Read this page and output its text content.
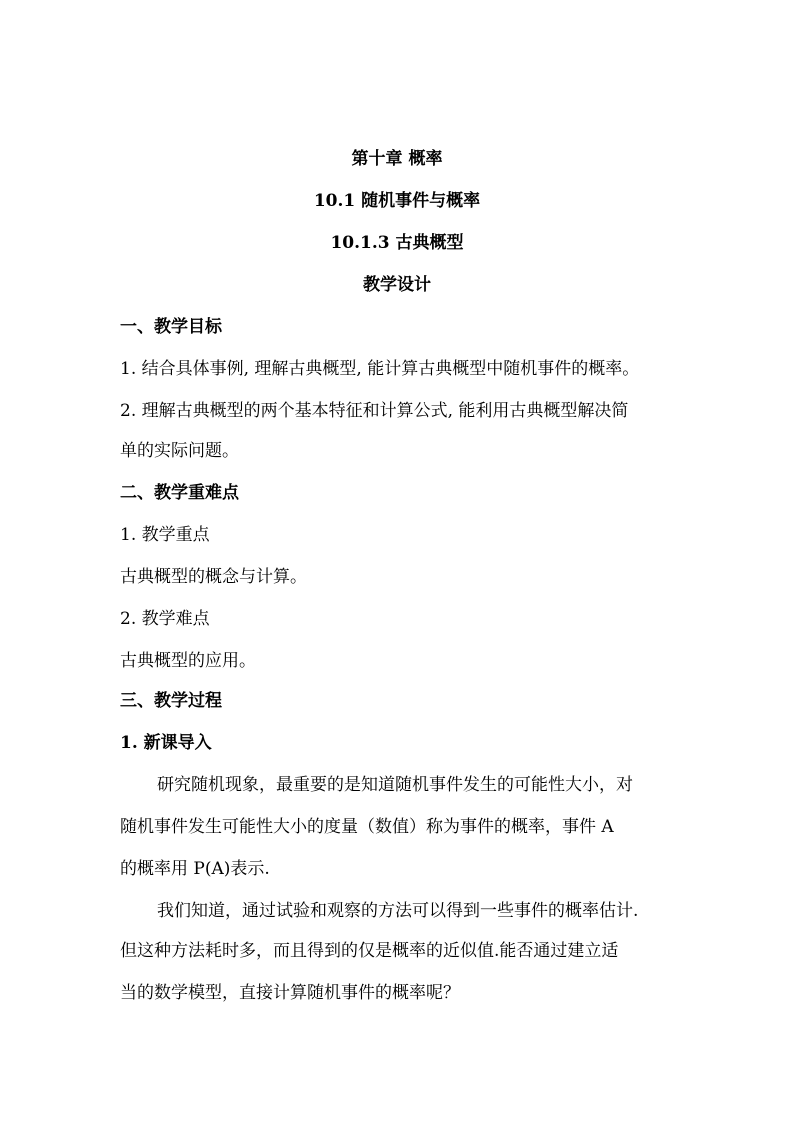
第十章 概率
10.1 随机事件与概率
10.1.3 古典概型
教学设计
一、教学目标
1. 结合具体事例, 理解古典概型, 能计算古典概型中随机事件的概率。
2. 理解古典概型的两个基本特征和计算公式, 能利用古典概型解决简
单的实际问题。
二、教学重难点
1. 教学重点
古典概型的概念与计算。
2. 教学难点
古典概型的应用。
三、教学过程
1. 新课导入
研究随机现象，最重要的是知道随机事件发生的可能性大小，对
随机事件发生可能性大小的度量（数值）称为事件的概率，事件 A
的概率用 P(A)表示.
我们知道，通过试验和观察的方法可以得到一些事件的概率估计.
但这种方法耗时多，而且得到的仅是概率的近似值.能否通过建立适
当的数学模型，直接计算随机事件的概率呢？
